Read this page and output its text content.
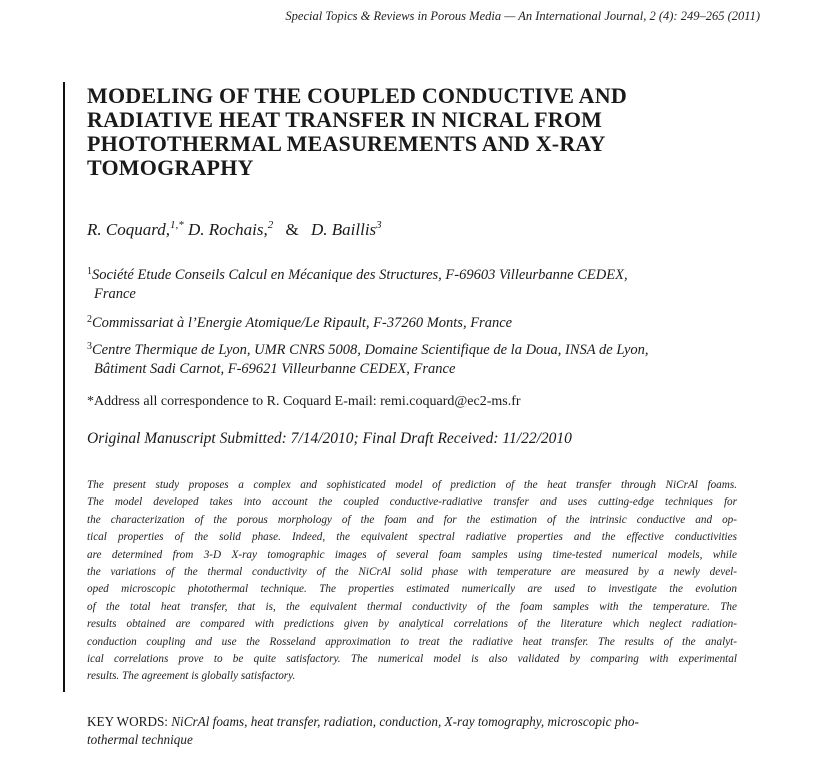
Special Topics & Reviews in Porous Media — An International Journal, 2 (4): 249–265 (2011)
MODELING OF THE COUPLED CONDUCTIVE AND
RADIATIVE HEAT TRANSFER IN NICRAL FROM
PHOTOTHERMAL MEASUREMENTS AND X-RAY
TOMOGRAPHY
R. Coquard,$^{1,*}$ D. Rochais,$^2$ & D. Baillis$^3$
$^1$Société Etude Conseils Calcul en Mécanique des Structures, F-69603 Villeurbanne CEDEX,
France
$^2$Commissariat à l’Energie Atomique/Le Ripault, F-37260 Monts, France
$^3$Centre Thermique de Lyon, UMR CNRS 5008, Domaine Scientifique de la Doua, INSA de Lyon,
Bâtiment Sadi Carnot, F-69621 Villeurbanne CEDEX, France
*Address all correspondence to R. Coquard E-mail: remi.coquard@ec2-ms.fr
Original Manuscript Submitted: 7/14/2010; Final Draft Received: 11/22/2010
The present study proposes a complex and sophisticated model of prediction of the heat transfer through NiCrAl foams.
The model developed takes into account the coupled conductive-radiative transfer and uses cutting-edge techniques for
the characterization of the porous morphology of the foam and for the estimation of the intrinsic conductive and op-
tical properties of the solid phase. Indeed, the equivalent spectral radiative properties and the effective conductivities
are determined from 3-D X-ray tomographic images of several foam samples using time-tested numerical models, while
the variations of the thermal conductivity of the NiCrAl solid phase with temperature are measured by a newly devel-
oped microscopic photothermal technique. The properties estimated numerically are used to investigate the evolution
of the total heat transfer, that is, the equivalent thermal conductivity of the foam samples with the temperature. The
results obtained are compared with predictions given by analytical correlations of the literature which neglect radiation-
conduction coupling and use the Rosseland approximation to treat the radiative heat transfer. The results of the analyt-
ical correlations prove to be quite satisfactory. The numerical model is also validated by comparing with experimental
results. The agreement is globally satisfactory.
KEY WORDS: NiCrAl foams, heat transfer, radiation, conduction, X-ray tomography, microscopic pho-
tothermal technique
